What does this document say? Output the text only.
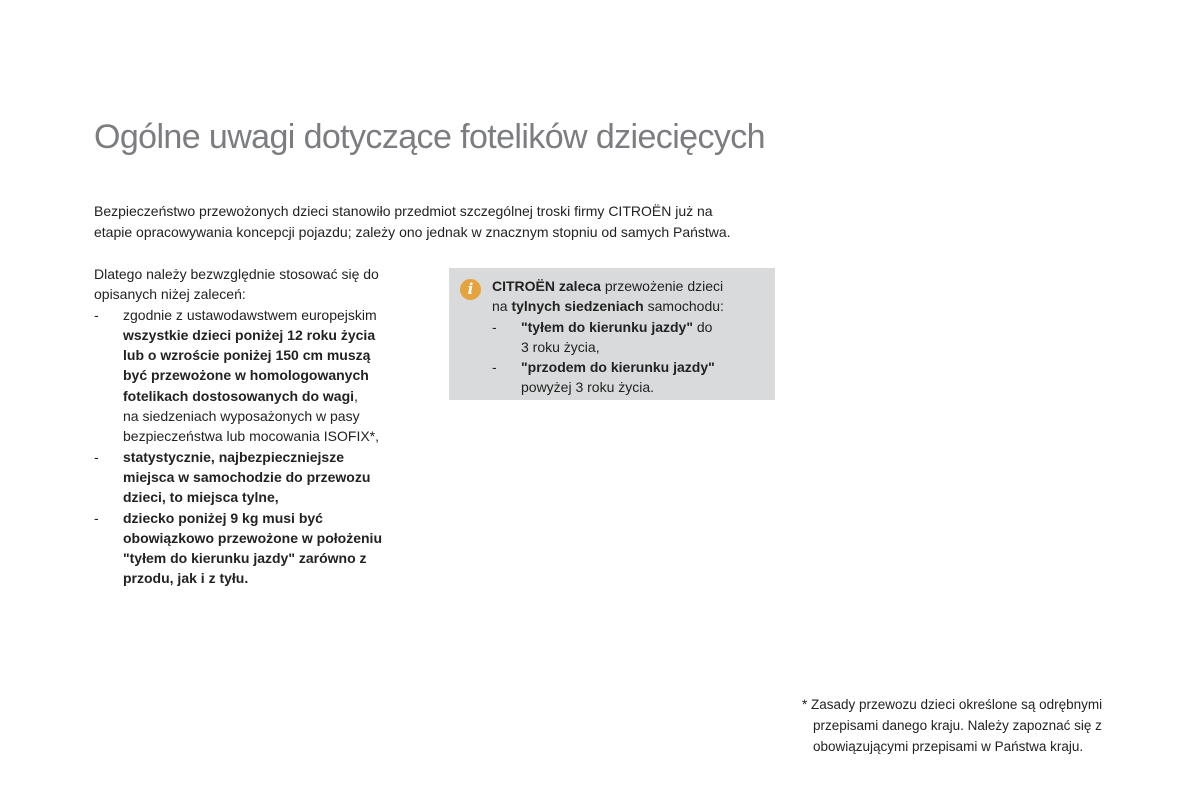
Ogólne uwagi dotyczące fotelików dziecięcych

Bezpieczeństwo przewożonych dzieci stanowiło przedmiot szczególnej troski firmy CITROËN już na
etapie opracowywania koncepcji pojazdu; zależy ono jednak w znacznym stopniu od samych Państwa.

Dlatego należy bezwzględnie stosować się do
opisanych niżej zaleceń:
- zgodnie z ustawodawstwem europejskim
wszystkie dzieci poniżej 12 roku życia
lub o wzroście poniżej 150 cm muszą
być przewożone w homologowanych
fotelikach dostosowanych do wagi,
na siedzeniach wyposażonych w pasy
bezpieczeństwa lub mocowania ISOFIX*,
- statystycznie, najbezpieczniejsze
miejsca w samochodzie do przewozu
dzieci, to miejsca tylne,
- dziecko poniżej 9 kg musi być
obowiązkowo przewożone w położeniu
"tyłem do kierunku jazdy" zarówno z
przodu, jak i z tyłu.
i	CITROËN zaleca przewożenie dzieci
na tylnych siedzeniach samochodu:
- "tyłem do kierunku jazdy" do
3 roku życia,
- "przodem do kierunku jazdy"
powyżej 3 roku życia.
* Zasady przewozu dzieci określone są odrębnymi
przepisami danego kraju. Należy zapoznać się z
obowiązującymi przepisami w Państwa kraju.
